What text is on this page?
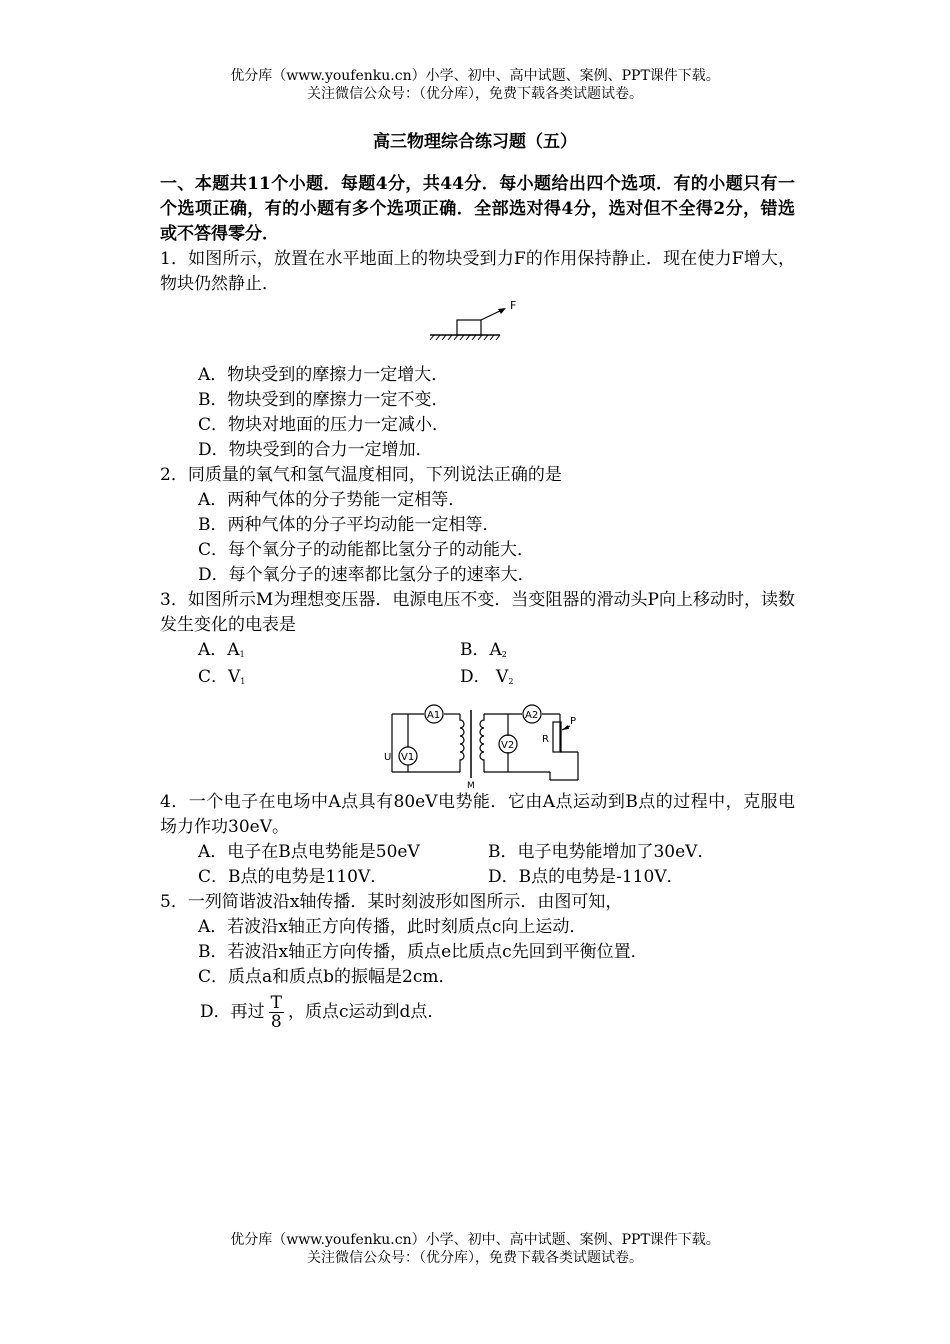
优分库（www.youfenku.cn）小学、初中、高中试题、案例、PPT课件下载。
关注微信公众号：（优分库），免费下载各类试题试卷。
高三物理综合练习题（五）
一、本题共11个小题．每题4分，共44分．每小题给出四个选项．有的小题只有一个选项正确，有的小题有多个选项正确．全部选对得4分，选对但不全得2分，错选或不答得零分．
1．如图所示，放置在水平地面上的物块受到力F的作用保持静止．现在使力F增大，物块仍然静止．
F
A．物块受到的摩擦力一定增大．
B．物块受到的摩擦力一定不变．
C．物块对地面的压力一定减小．
D．物块受到的合力一定增加．
2．同质量的氧气和氢气温度相同，下列说法正确的是
A．两种气体的分子势能一定相等．
B．两种气体的分子平均动能一定相等．
C．每个氧分子的动能都比氢分子的动能大．
D．每个氧分子的速率都比氢分子的速率大．
3．如图所示M为理想变压器．电源电压不变．当变阻器的滑动头P向上移动时，读数发生变化的电表是
A．A1	B．A2
C．V1	D． V2
A1
V1
A2
V2
U
M
R
P
4．一个电子在电场中A点具有80eV电势能．它由A点运动到B点的过程中，克服电场力作功30eV。
A．电子在B点电势能是50eV	B．电子电势能增加了30eV．
C．B点的电势是110V．	D．B点的电势是-110V．
5．一列简谐波沿x轴传播．某时刻波形如图所示．由图可知，
A．若波沿x轴正方向传播，此时刻质点c向上运动．
B．若波沿x轴正方向传播，质点e比质点c先回到平衡位置．
C．质点a和质点b的振幅是2cm．
D．再过 $\frac{T}{8}$ ，质点c运动到d点．
优分库（www.youfenku.cn）小学、初中、高中试题、案例、PPT课件下载。
关注微信公众号：（优分库），免费下载各类试题试卷。
